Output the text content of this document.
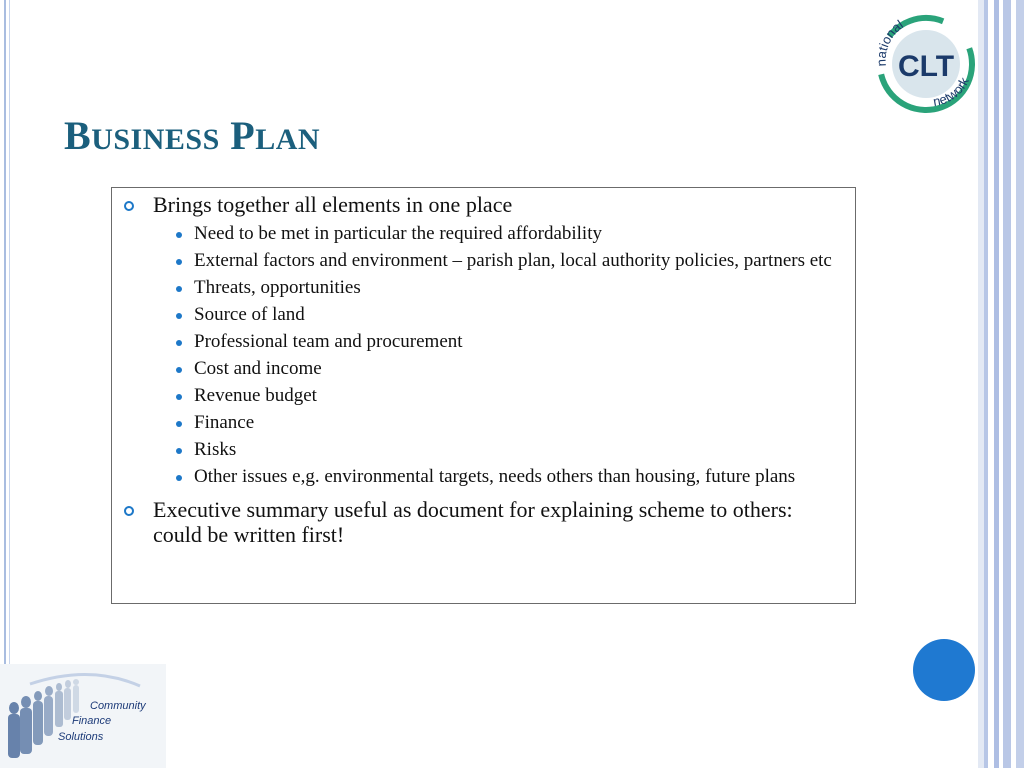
BUSINESS PLAN
CLT
national
network
Brings together all elements in one place
Need to be met in particular the required affordability
External factors and environment – parish plan, local authority policies, partners etc
Threats, opportunities
Source of land
Professional team and procurement
Cost and income
Revenue budget
Finance
Risks
Other issues e,g. environmental targets, needs others than housing, future plans
Executive summary useful as document for explaining scheme to others: could be written first!
Community
Finance
Solutions
